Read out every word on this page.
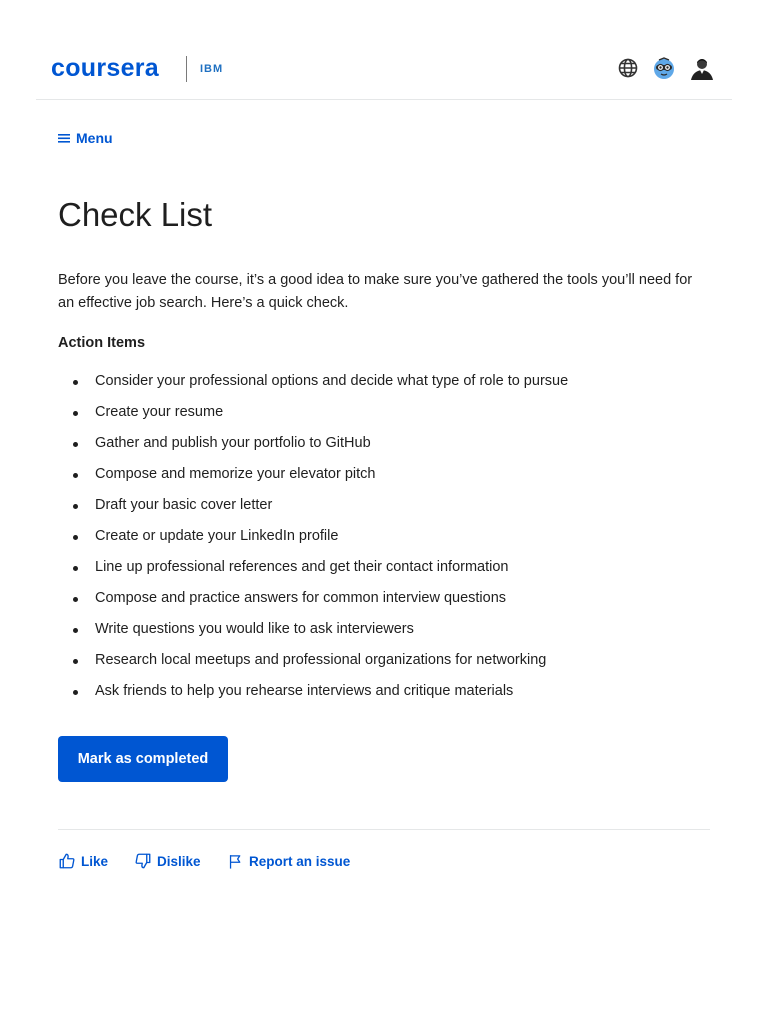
coursera	IBM
Menu
Check List

Before you leave the course, it’s a good idea to make sure you’ve gathered the tools you’ll need for an effective job search. Here’s a quick check.

Action Items

Consider your professional options and decide what type of role to pursue
Create your resume
Gather and publish your portfolio to GitHub
Compose and memorize your elevator pitch
Draft your basic cover letter
Create or update your LinkedIn profile
Line up professional references and get their contact information
Compose and practice answers for common interview questions
Write questions you would like to ask interviewers
Research local meetups and professional organizations for networking
Ask friends to help you rehearse interviews and critique materials
Mark as completed
Like	Dislike	Report an issue
